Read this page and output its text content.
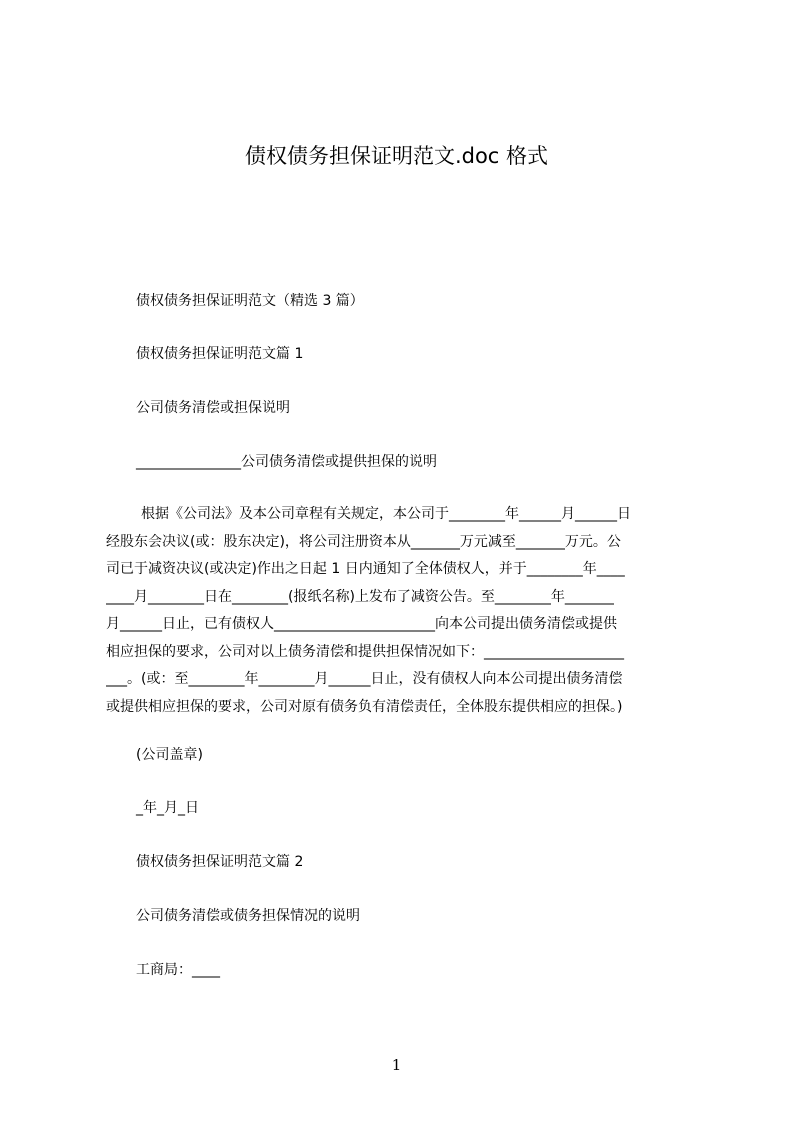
债权债务担保证明范文.doc 格式
债权债务担保证明范文（精选 3 篇）
债权债务担保证明范文篇 1
公司债务清偿或担保说明
_______________公司债务清偿或提供担保的说明
根据《公司法》及本公司章程有关规定，本公司于________年______月______日
经股东会决议(或：股东决定)，将公司注册资本从_______万元减至_______万元。公
司已于减资决议(或决定)作出之日起 1 日内通知了全体债权人，并于________年____
____月________日在________(报纸名称)上发布了减资公告。至________年_______
月______日止，已有债权人_______________________向本公司提出债务清偿或提供
相应担保的要求，公司对以上债务清偿和提供担保情况如下：____________________
___。(或：至________年________月______日止，没有债权人向本公司提出债务清偿
或提供相应担保的要求，公司对原有债务负有清偿责任，全体股东提供相应的担保。)
(公司盖章)
_年_月_日
债权债务担保证明范文篇 2
公司债务清偿或债务担保情况的说明
工商局：____
1
